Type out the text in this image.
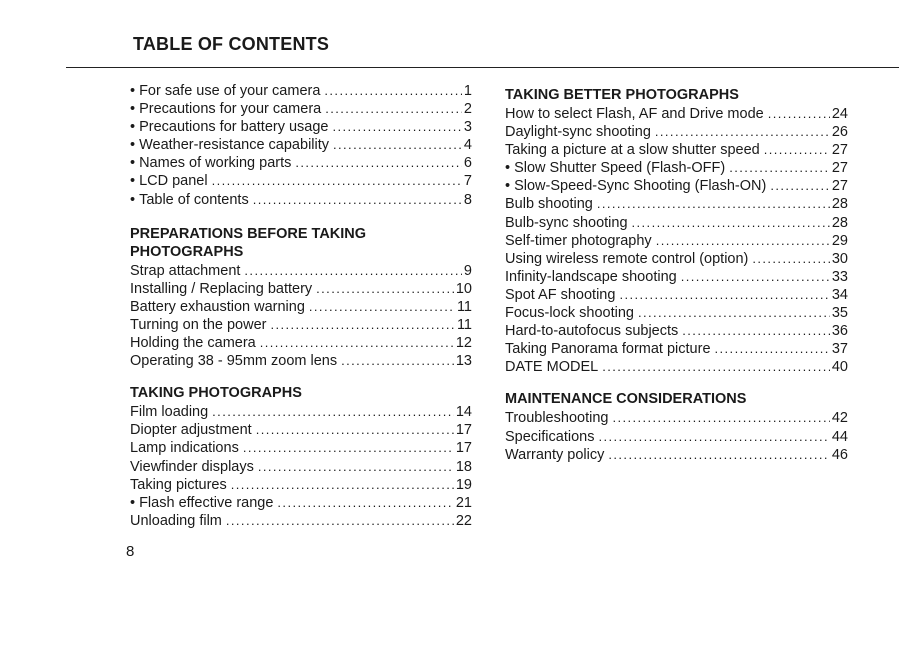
TABLE OF CONTENTS
• For safe use of your camera .....	1
• Precautions for your camera .....	2
• Precautions for battery usage .....	3
• Weather-resistance capability .....	4
• Names of working parts .....	6
• LCD panel .....	7
• Table of contents .....	8
PREPARATIONS BEFORE TAKING
PHOTOGRAPHS
Strap attachment .....	9
Installing / Replacing battery .....	10
Battery exhaustion warning .....	11
Turning on the power .....	11
Holding the camera .....	12
Operating 38 - 95mm zoom lens .....	13
TAKING PHOTOGRAPHS
Film loading .....	14
Diopter adjustment .....	17
Lamp indications .....	17
Viewfinder displays .....	18
Taking pictures .....	19
• Flash effective range .....	21
Unloading film .....	22
TAKING BETTER PHOTOGRAPHS
How to select Flash, AF and Drive mode .....	24
Daylight-sync shooting .....	26
Taking a picture at a slow shutter speed .....	27
• Slow Shutter Speed (Flash-OFF) .....	27
• Slow-Speed-Sync Shooting (Flash-ON) .....	27
Bulb shooting .....	28
Bulb-sync shooting .....	28
Self-timer photography .....	29
Using wireless remote control (option) .....	30
Infinity-landscape shooting .....	33
Spot AF shooting .....	34
Focus-lock shooting .....	35
Hard-to-autofocus subjects .....	36
Taking Panorama format picture .....	37
DATE MODEL .....	40
MAINTENANCE CONSIDERATIONS
Troubleshooting .....	42
Specifications .....	44
Warranty policy .....	46
8
